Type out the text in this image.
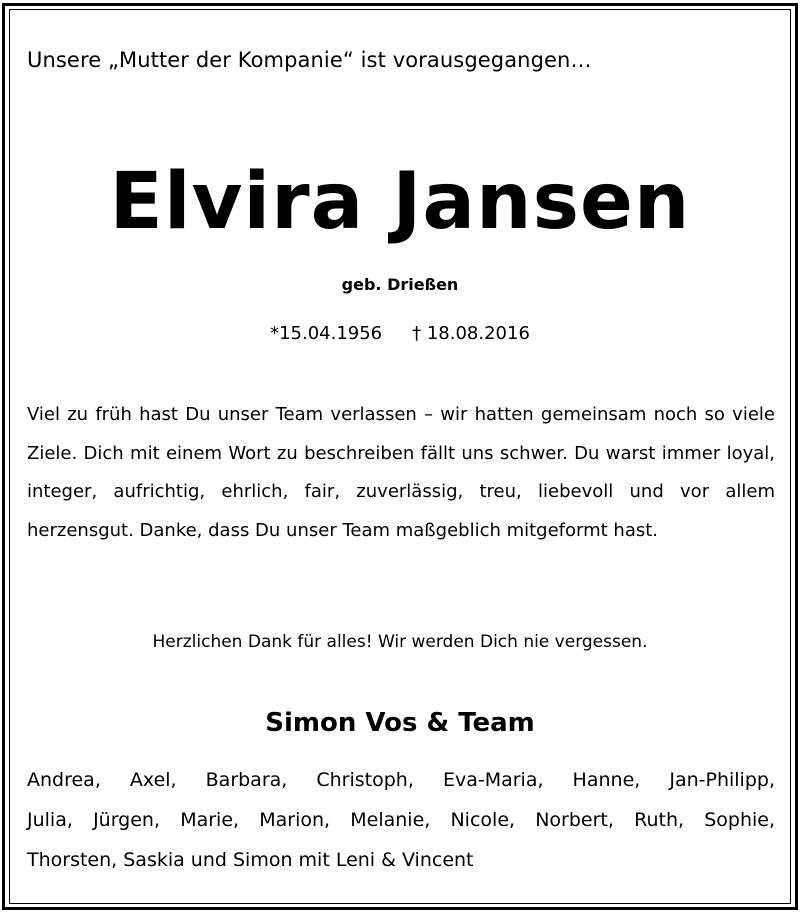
Unsere „Mutter der Kompanie“ ist vorausgegangen…
Elvira Jansen
geb. Drießen
*15.04.1956 † 18.08.2016
Viel zu früh hast Du unser Team verlassen – wir hatten gemeinsam noch so viele Ziele. Dich mit einem Wort zu beschreiben fällt uns schwer. Du warst immer loyal, integer, aufrichtig, ehrlich, fair, zuverlässig, treu, liebevoll und vor allem herzensgut. Danke, dass Du unser Team maßgeblich mitgeformt hast.
Herzlichen Dank für alles! Wir werden Dich nie vergessen.
Simon Vos & Team
Andrea, Axel, Barbara, Christoph, Eva-Maria, Hanne, Jan-Philipp,
Julia, Jürgen, Marie, Marion, Melanie, Nicole, Norbert, Ruth, Sophie,
Thorsten, Saskia und Simon mit Leni & Vincent
